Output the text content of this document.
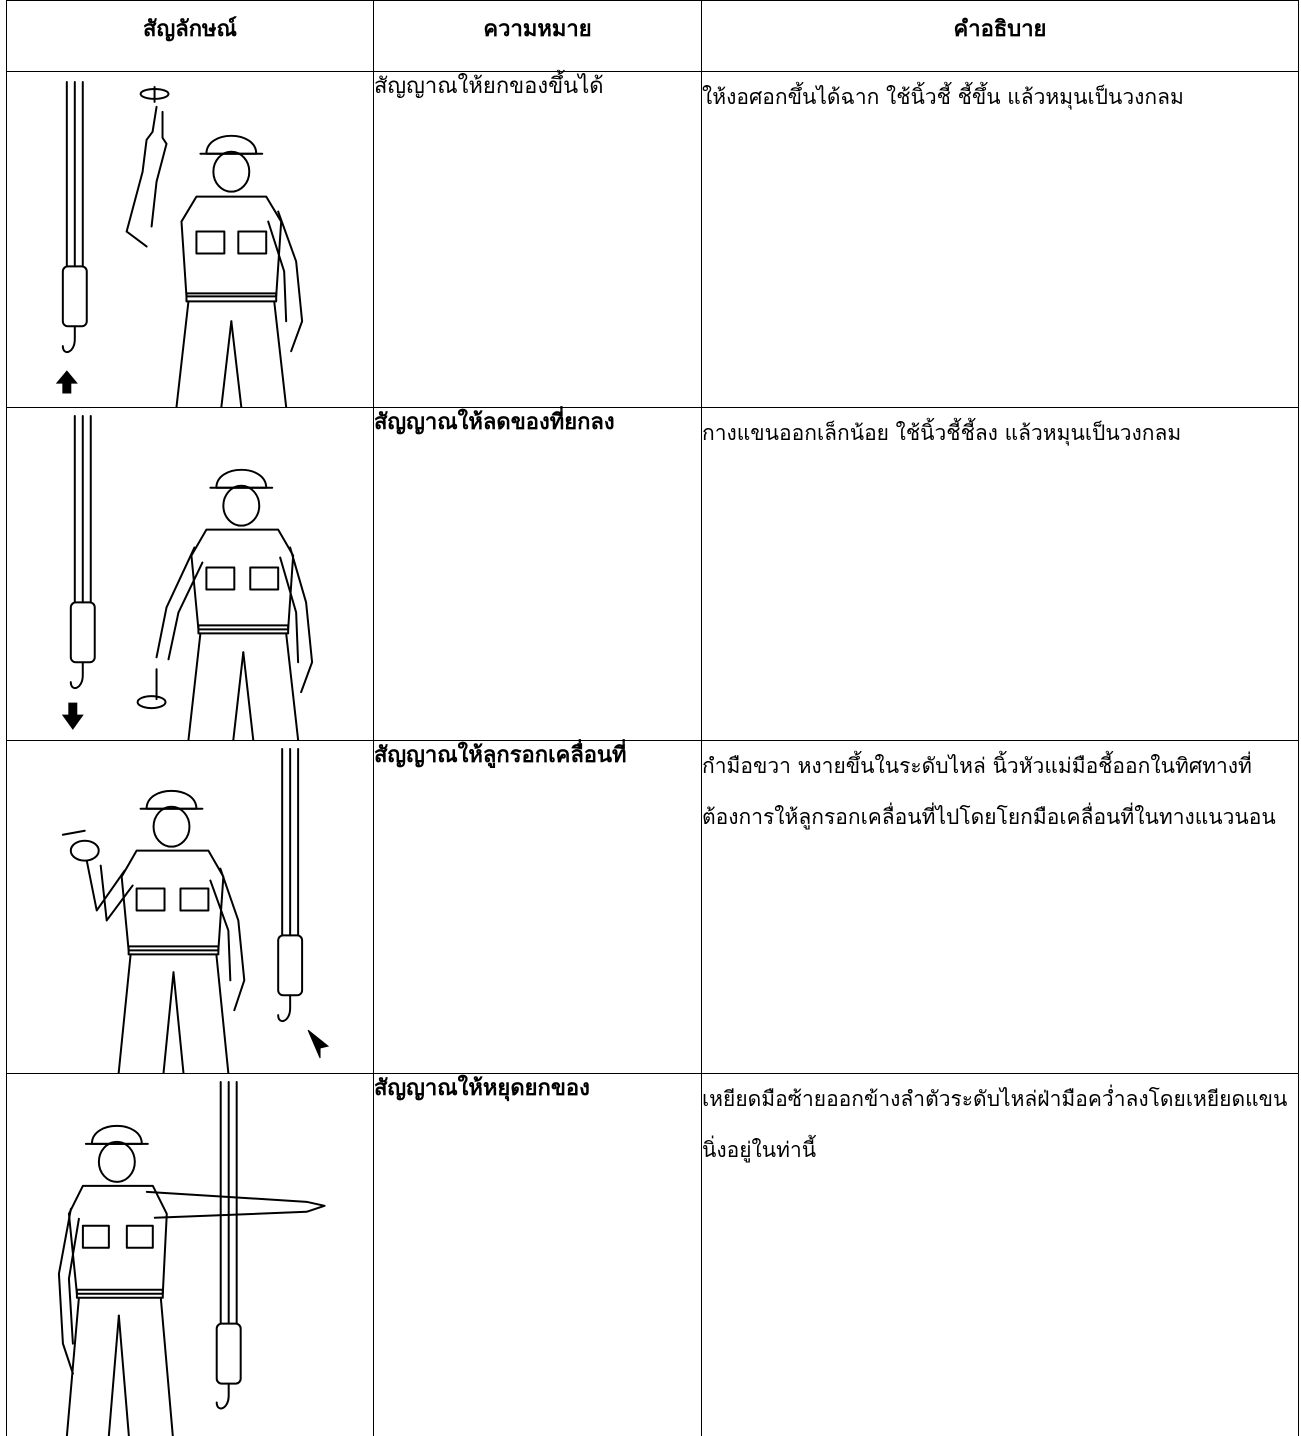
สัญลักษณ์	ความหมาย	คำอธิบาย

	สัญญาณให้ยกของขึ้นได้	ให้งอศอกขึ้นได้ฉาก ใช้นิ้วชี้ ชี้ขึ้น แล้วหมุนเป็นวงกลม

	สัญญาณให้ลดของที่ยกลง	กางแขนออกเล็กน้อย ใช้นิ้วชี้ชี้ลง แล้วหมุนเป็นวงกลม

	สัญญาณให้ลูกรอกเคลื่อนที่	กำมือขวา หงายขึ้นในระดับไหล่ นิ้วหัวแม่มือชี้ออกในทิศทางที่ต้องการให้ลูกรอกเคลื่อนที่ไปโดยโยกมือเคลื่อนที่ในทางแนวนอน

	สัญญาณให้หยุดยกของ	เหยียดมือซ้ายออกข้างลำตัวระดับไหล่ฝ่ามือคว่ำลงโดยเหยียดแขนนิ่งอยู่ในท่านี้
